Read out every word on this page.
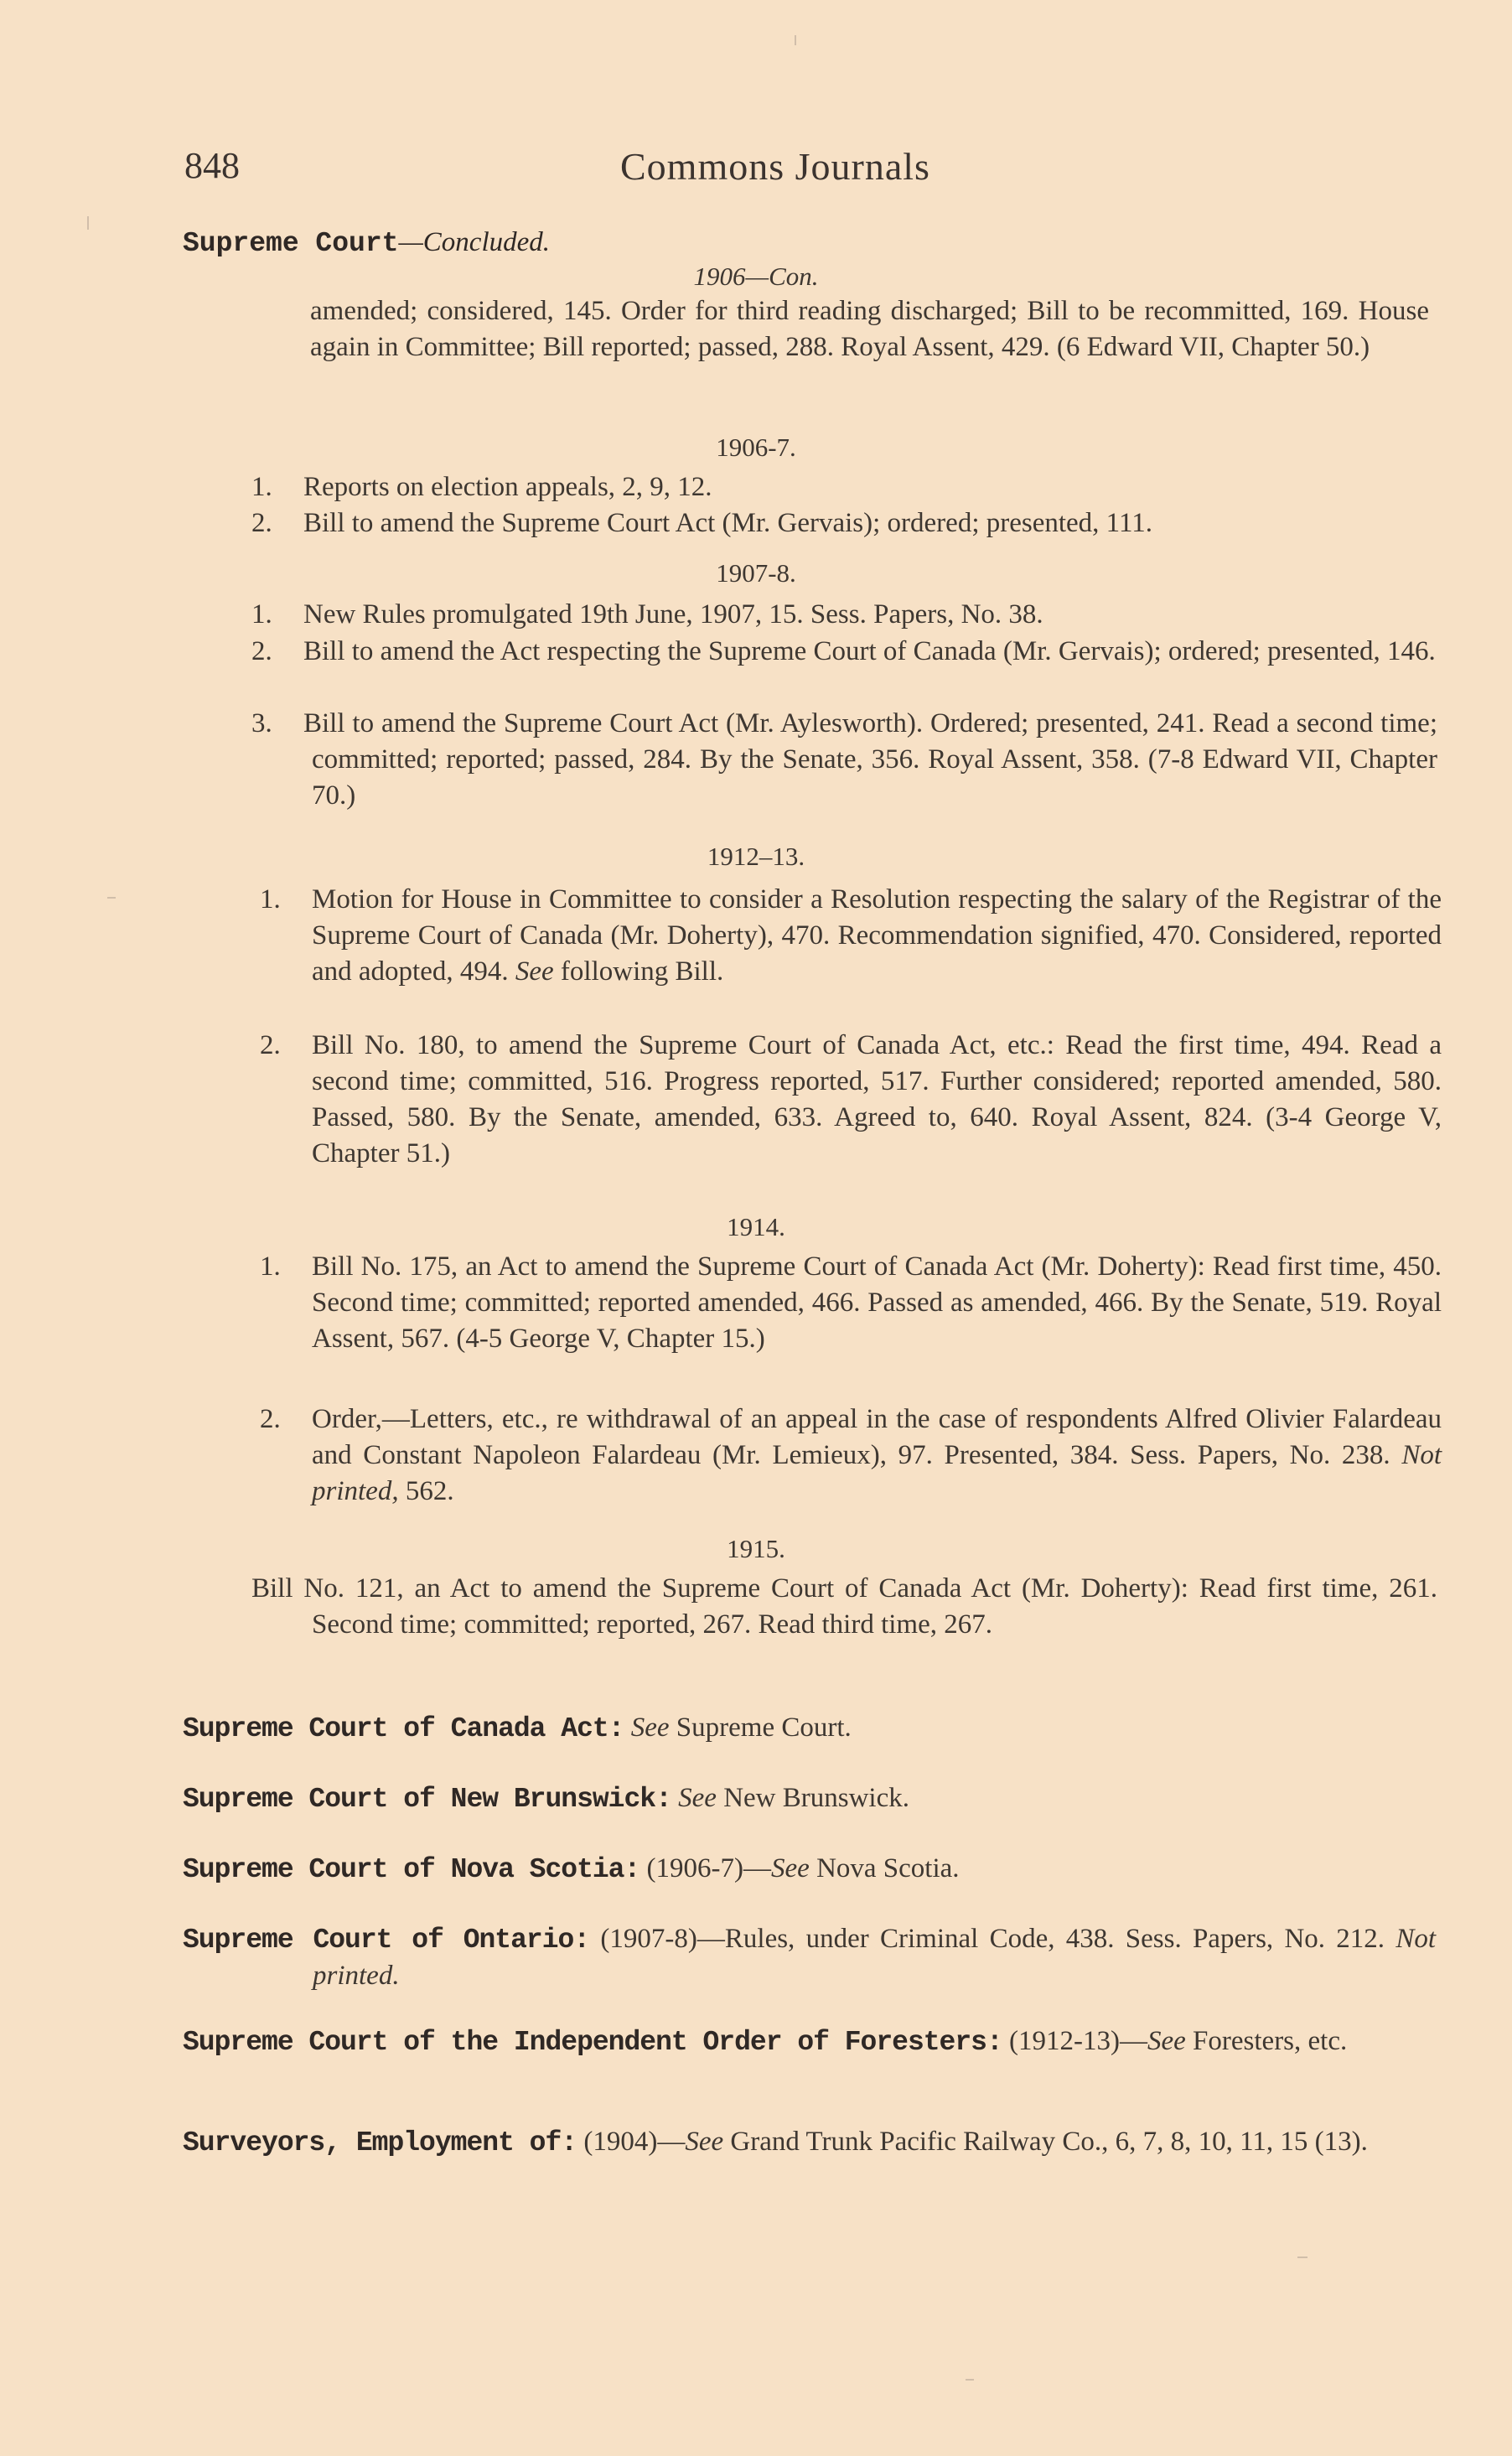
848	Commons Journals
Supreme Court—Concluded.
1906—Con.

amended; considered, 145. Order for third reading discharged; Bill to be recommitted, 169. House again in Committee; Bill reported; passed, 288. Royal Assent, 429. (6 Edward VII, Chapter 50.)

1906-7.

1. Reports on election appeals, 2, 9, 12.

2. Bill to amend the Supreme Court Act (Mr. Gervais); ordered; presented, 111.

1907-8.

1. New Rules promulgated 19th June, 1907, 15. Sess. Papers, No. 38.

2. Bill to amend the Act respecting the Supreme Court of Canada (Mr. Gervais); ordered; presented, 146.

3. Bill to amend the Supreme Court Act (Mr. Aylesworth). Ordered; presented, 241. Read a second time; committed; reported; passed, 284. By the Senate, 356. Royal Assent, 358. (7-8 Edward VII, Chapter 70.)

1912–13.

1. Motion for House in Committee to consider a Resolution respecting the salary of the Registrar of the Supreme Court of Canada (Mr. Doherty), 470. Recommendation signified, 470. Considered, reported and adopted, 494. See following Bill.

2. Bill No. 180, to amend the Supreme Court of Canada Act, etc.: Read the first time, 494. Read a second time; committed, 516. Progress reported, 517. Further considered; reported amended, 580. Passed, 580. By the Senate, amended, 633. Agreed to, 640. Royal Assent, 824. (3-4 George V, Chapter 51.)

1914.

1. Bill No. 175, an Act to amend the Supreme Court of Canada Act (Mr. Doherty): Read first time, 450. Second time; committed; reported amended, 466. Passed as amended, 466. By the Senate, 519. Royal Assent, 567. (4-5 George V, Chapter 15.)

2. Order,—Letters, etc., re withdrawal of an appeal in the case of respondents Alfred Olivier Falardeau and Constant Napoleon Falardeau (Mr. Lemieux), 97. Presented, 384. Sess. Papers, No. 238. Not printed, 562.

1915.

Bill No. 121, an Act to amend the Supreme Court of Canada Act (Mr. Doherty): Read first time, 261. Second time; committed; reported, 267. Read third time, 267.

Supreme Court of Canada Act: See Supreme Court.

Supreme Court of New Brunswick: See New Brunswick.

Supreme Court of Nova Scotia: (1906-7)—See Nova Scotia.

Supreme Court of Ontario: (1907-8)—Rules, under Criminal Code, 438. Sess. Papers, No. 212. Not printed.

Supreme Court of the Independent Order of Foresters: (1912-13)—See Foresters, etc.

Surveyors, Employment of: (1904)—See Grand Trunk Pacific Railway Co., 6, 7, 8, 10, 11, 15 (13).
